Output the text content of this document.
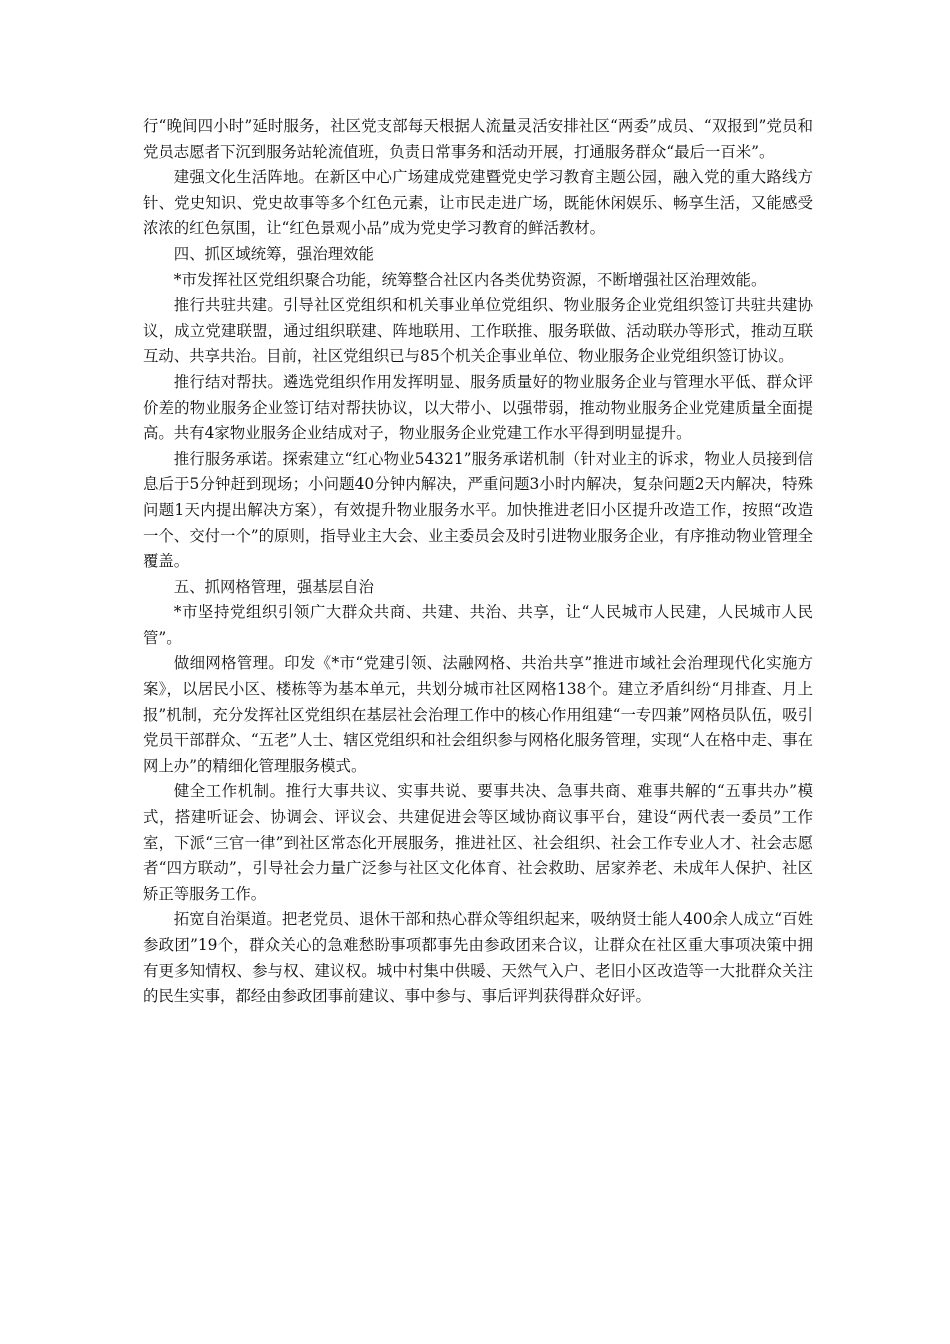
行“晚间四小时”延时服务，社区党支部每天根据人流量灵活安排社区“两委”成员、“双报到”党员和党员志愿者下沉到服务站轮流值班，负责日常事务和活动开展，打通服务群众“最后一百米”。

建强文化生活阵地。在新区中心广场建成党建暨党史学习教育主题公园，融入党的重大路线方针、党史知识、党史故事等多个红色元素，让市民走进广场，既能休闲娱乐、畅享生活，又能感受浓浓的红色氛围，让“红色景观小品”成为党史学习教育的鲜活教材。

四、抓区域统筹，强治理效能

*市发挥社区党组织聚合功能，统筹整合社区内各类优势资源，不断增强社区治理效能。

推行共驻共建。引导社区党组织和机关事业单位党组织、物业服务企业党组织签订共驻共建协议，成立党建联盟，通过组织联建、阵地联用、工作联推、服务联做、活动联办等形式，推动互联互动、共享共治。目前，社区党组织已与85个机关企事业单位、物业服务企业党组织签订协议。

推行结对帮扶。遴选党组织作用发挥明显、服务质量好的物业服务企业与管理水平低、群众评价差的物业服务企业签订结对帮扶协议，以大带小、以强带弱，推动物业服务企业党建质量全面提高。共有4家物业服务企业结成对子，物业服务企业党建工作水平得到明显提升。

推行服务承诺。探索建立“红心物业54321”服务承诺机制（针对业主的诉求，物业人员接到信息后于5分钟赶到现场；小问题40分钟内解决，严重问题3小时内解决，复杂问题2天内解决，特殊问题1天内提出解决方案），有效提升物业服务水平。加快推进老旧小区提升改造工作，按照“改造一个、交付一个”的原则，指导业主大会、业主委员会及时引进物业服务企业，有序推动物业管理全覆盖。

五、抓网格管理，强基层自治

*市坚持党组织引领广大群众共商、共建、共治、共享，让“人民城市人民建，人民城市人民管”。

做细网格管理。印发《*市“党建引领、法融网格、共治共享”推进市域社会治理现代化实施方案》，以居民小区、楼栋等为基本单元，共划分城市社区网格138个。建立矛盾纠纷“月排查、月上报”机制，充分发挥社区党组织在基层社会治理工作中的核心作用组建“一专四兼”网格员队伍，吸引党员干部群众、“五老”人士、辖区党组织和社会组织参与网格化服务管理，实现“人在格中走、事在网上办”的精细化管理服务模式。

健全工作机制。推行大事共议、实事共说、要事共决、急事共商、难事共解的“五事共办”模式，搭建听证会、协调会、评议会、共建促进会等区域协商议事平台，建设“两代表一委员”工作室，下派“三官一律”到社区常态化开展服务，推进社区、社会组织、社会工作专业人才、社会志愿者“四方联动”，引导社会力量广泛参与社区文化体育、社会救助、居家养老、未成年人保护、社区矫正等服务工作。

拓宽自治渠道。把老党员、退休干部和热心群众等组织起来，吸纳贤士能人400余人成立“百姓参政团”19个，群众关心的急难愁盼事项都事先由参政团来合议，让群众在社区重大事项决策中拥有更多知情权、参与权、建议权。城中村集中供暖、天然气入户、老旧小区改造等一大批群众关注的民生实事，都经由参政团事前建议、事中参与、事后评判获得群众好评。
